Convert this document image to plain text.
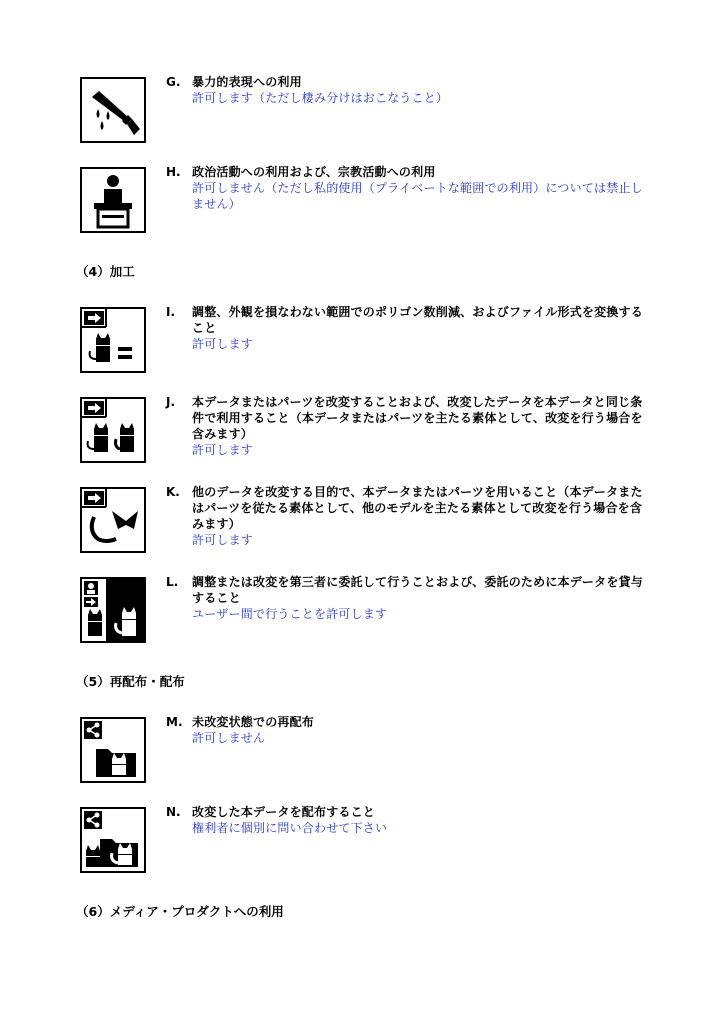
G. 暴力的表現への利用
許可します（ただし棲み分けはおこなうこと）
H. 政治活動への利用および、宗教活動への利用
許可しません（ただし私的使用（プライベートな範囲での利用）については禁止しません）
（4）加工
I. 調整、外観を損なわない範囲でのポリゴン数削減、およびファイル形式を変換すること
許可します
J. 本データまたはパーツを改変することおよび、改変したデータを本データと同じ条件で利用すること（本データまたはパーツを主たる素体として、改変を行う場合を含みます）
許可します
K. 他のデータを改変する目的で、本データまたはパーツを用いること（本データまたはパーツを従たる素体として、他のモデルを主たる素体として改変を行う場合を含みます）
許可します
L. 調整または改変を第三者に委託して行うことおよび、委託のために本データを貸与すること
ユーザー間で行うことを許可します
（5）再配布・配布
M. 未改変状態での再配布
許可しません
N. 改変した本データを配布すること
権利者に個別に問い合わせて下さい
（6）メディア・プロダクトへの利用
